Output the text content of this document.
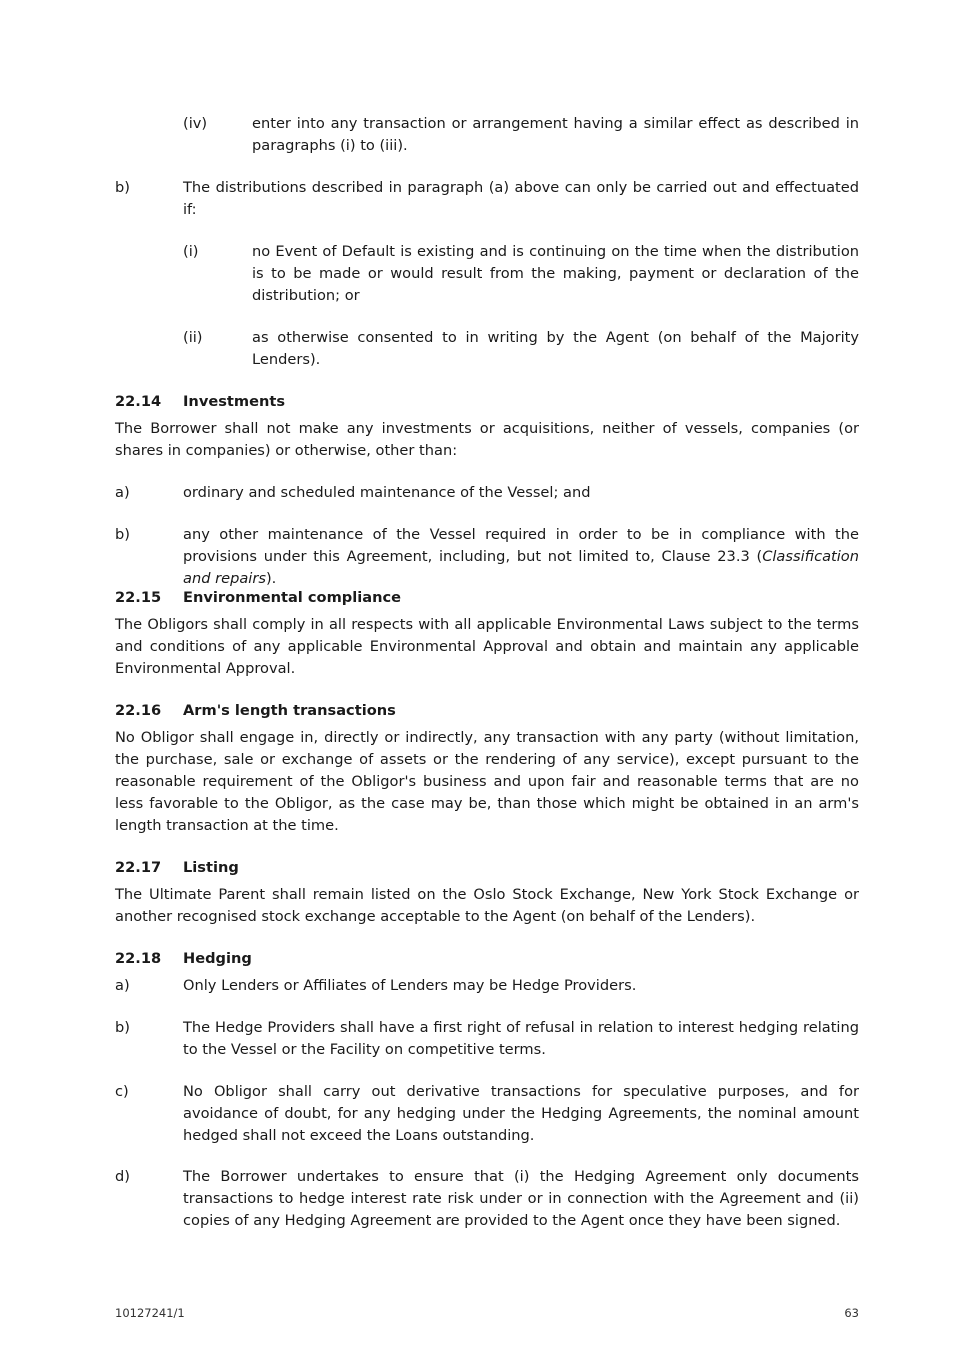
(iv)	enter into any transaction or arrangement having a similar effect as described in paragraphs (i) to (iii).
b)	The distributions described in paragraph (a) above can only be carried out and effectuated if:
(i)	no Event of Default is existing and is continuing on the time when the distribution is to be made or would result from the making, payment or declaration of the distribution; or
(ii)	as otherwise consented to in writing by the Agent (on behalf of the Majority Lenders).
22.14 Investments
The Borrower shall not make any investments or acquisitions, neither of vessels, companies (or shares in companies) or otherwise, other than:
a)	ordinary and scheduled maintenance of the Vessel; and
b)	any other maintenance of the Vessel required in order to be in compliance with the provisions under this Agreement, including, but not limited to, Clause 23.3 (Classification and repairs).
22.15 Environmental compliance
The Obligors shall comply in all respects with all applicable Environmental Laws subject to the terms and conditions of any applicable Environmental Approval and obtain and maintain any applicable Environmental Approval.
22.16 Arm's length transactions
No Obligor shall engage in, directly or indirectly, any transaction with any party (without limitation, the purchase, sale or exchange of assets or the rendering of any service), except pursuant to the reasonable requirement of the Obligor's business and upon fair and reasonable terms that are no less favorable to the Obligor, as the case may be, than those which might be obtained in an arm's length transaction at the time.
22.17 Listing
The Ultimate Parent shall remain listed on the Oslo Stock Exchange, New York Stock Exchange or another recognised stock exchange acceptable to the Agent (on behalf of the Lenders).
22.18 Hedging
a)	Only Lenders or Affiliates of Lenders may be Hedge Providers.
b)	The Hedge Providers shall have a first right of refusal in relation to interest hedging relating to the Vessel or the Facility on competitive terms.
c)	No Obligor shall carry out derivative transactions for speculative purposes, and for avoidance of doubt, for any hedging under the Hedging Agreements, the nominal amount hedged shall not exceed the Loans outstanding.
d)	The Borrower undertakes to ensure that (i) the Hedging Agreement only documents transactions to hedge interest rate risk under or in connection with the Agreement and (ii) copies of any Hedging Agreement are provided to the Agent once they have been signed.
10127241/1	63
